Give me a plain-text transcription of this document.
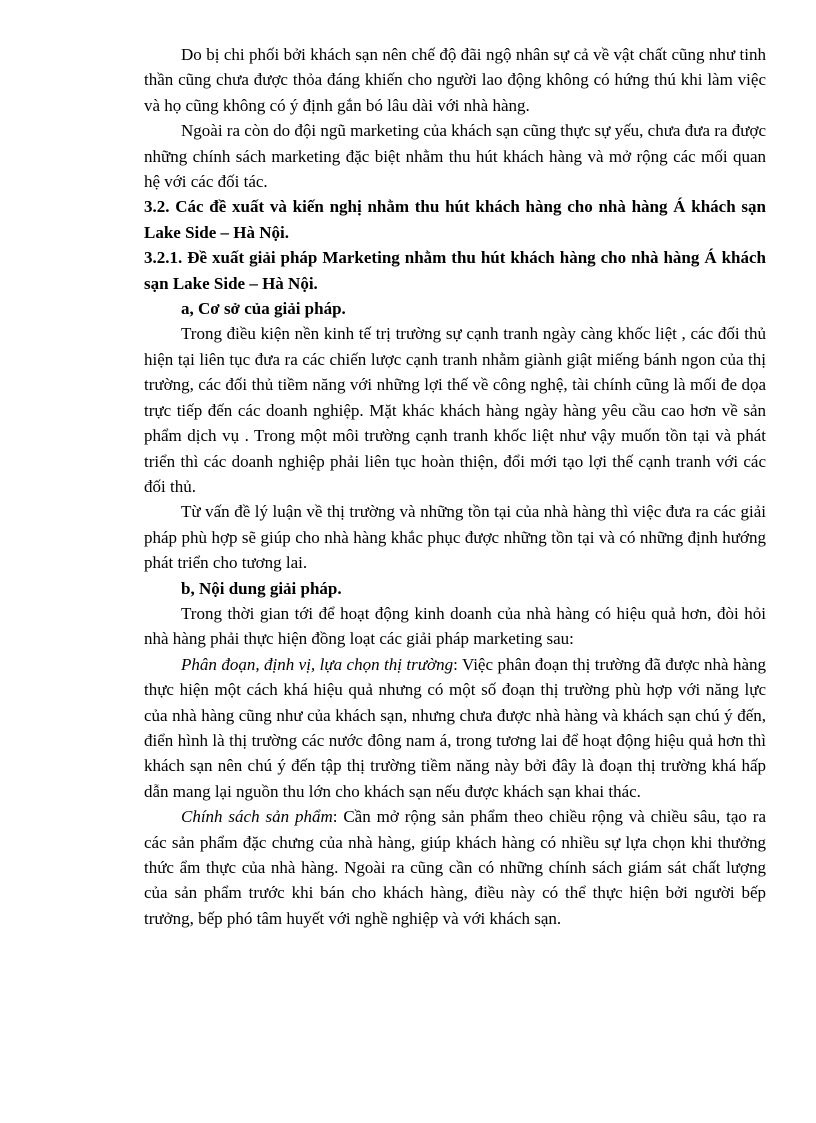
Do bị chi phối bởi khách sạn nên chế độ đãi ngộ nhân sự cả về vật chất cũng như tinh thần cũng chưa được thỏa đáng khiến cho người lao động không có hứng thú khi làm việc và họ cũng không có ý định gắn bó lâu dài với nhà hàng.

Ngoài ra còn do đội ngũ marketing của khách sạn cũng thực sự yếu, chưa đưa ra được những chính sách marketing đặc biệt nhằm thu hút khách hàng và mở rộng các mối quan hệ với các đối tác.

3.2. Các đề xuất và kiến nghị nhằm thu hút khách hàng cho nhà hàng Á khách sạn Lake Side – Hà Nội.

3.2.1. Đề xuất giải pháp Marketing nhằm thu hút khách hàng cho nhà hàng Á khách sạn Lake Side – Hà Nội.

a, Cơ sở của giải pháp.

Trong điều kiện nền kinh tế trị trường sự cạnh tranh ngày càng khốc liệt , các đối thủ hiện tại liên tục đưa ra các chiến lược cạnh tranh nhằm giành giật miếng bánh ngon của thị trường, các đối thủ tiềm năng với những lợi thế về công nghệ, tài chính cũng là mối đe dọa trực tiếp đến các doanh nghiệp. Mặt khác khách hàng ngày hàng yêu cầu cao hơn về sản phẩm dịch vụ . Trong một môi trường cạnh tranh khốc liệt như vậy muốn tồn tại và phát triển thì các doanh nghiệp phải liên tục hoàn thiện, đổi mới tạo lợi thế cạnh tranh với các đối thủ.

Từ vấn đề lý luận về thị trường và những tồn tại của nhà hàng thì việc đưa ra các giải pháp phù hợp sẽ giúp cho nhà hàng khắc phục được những tồn tại và có những định hướng phát triển cho tương lai.

b, Nội dung giải pháp.

Trong thời gian tới để hoạt động kinh doanh của nhà hàng có hiệu quả hơn, đòi hỏi nhà hàng phải thực hiện đồng loạt các giải pháp marketing sau:

Phân đoạn, định vị, lựa chọn thị trường: Việc phân đoạn thị trường đã được nhà hàng thực hiện một cách khá hiệu quả nhưng có một số đoạn thị trường phù hợp với năng lực của nhà hàng cũng như của khách sạn, nhưng chưa được nhà hàng và khách sạn chú ý đến, điển hình là thị trường các nước đông nam á, trong tương lai để hoạt động hiệu quả hơn thì khách sạn nên chú ý đến tập thị trường tiềm năng này bởi đây là đoạn thị trường khá hấp dẫn mang lại nguồn thu lớn cho khách sạn nếu được khách sạn khai thác.

Chính sách sản phẩm: Cần mở rộng sản phẩm theo chiều rộng và chiều sâu, tạo ra các sản phẩm đặc chưng của nhà hàng, giúp khách hàng có nhiều sự lựa chọn khi thưởng thức ẩm thực của nhà hàng. Ngoài ra cũng cần có những chính sách giám sát chất lượng của sản phẩm trước khi bán cho khách hàng, điều này có thể thực hiện bởi người bếp trưởng, bếp phó tâm huyết với nghề nghiệp và với khách sạn.
